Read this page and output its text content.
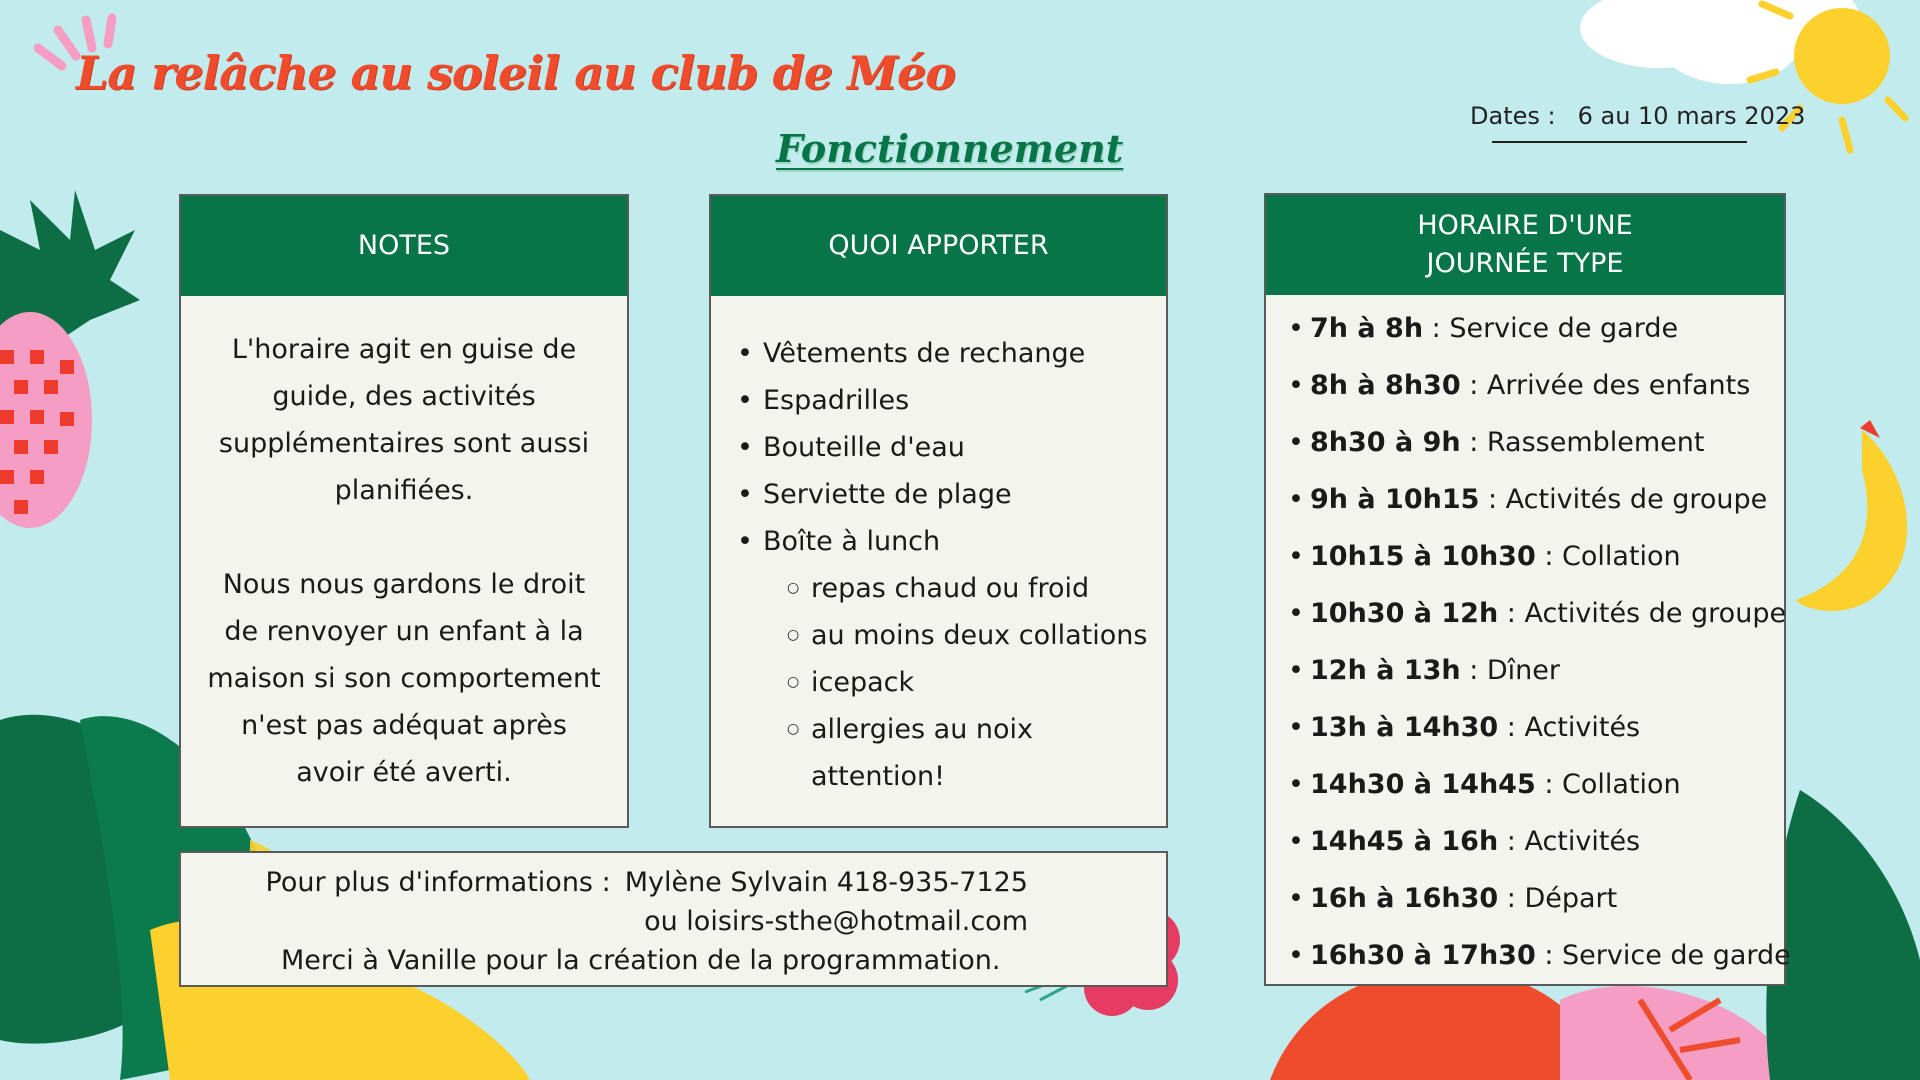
La relâche au soleil au club de Méo
Dates : 6 au 10 mars 2023
Fonctionnement
NOTES

L'horaire agit en guise de guide, des activités supplémentaires sont aussi planifiées.

Nous nous gardons le droit de renvoyer un enfant à la maison si son comportement n'est pas adéquat après avoir été averti.

QUOI APPORTER
• Vêtements de rechange
• Espadrilles
• Bouteille d'eau
• Serviette de plage
• Boîte à lunch
○ repas chaud ou froid
○ au moins deux collations
○ icepack
○ allergies au noix attention!
HORAIRE D'UNE JOURNÉE TYPE
• 7h à 8h : Service de garde
• 8h à 8h30 : Arrivée des enfants
• 8h30 à 9h : Rassemblement
• 9h à 10h15 : Activités de groupe
• 10h15 à 10h30 : Collation
• 10h30 à 12h : Activités de groupe
• 12h à 13h : Dîner
• 13h à 14h30 : Activités
• 14h30 à 14h45 : Collation
• 14h45 à 16h : Activités
• 16h à 16h30 : Départ
• 16h30 à 17h30 : Service de garde
Pour plus d'informations : Mylène Sylvain 418-935-7125
ou loisirs-sthe@hotmail.com
Merci à Vanille pour la création de la programmation.
